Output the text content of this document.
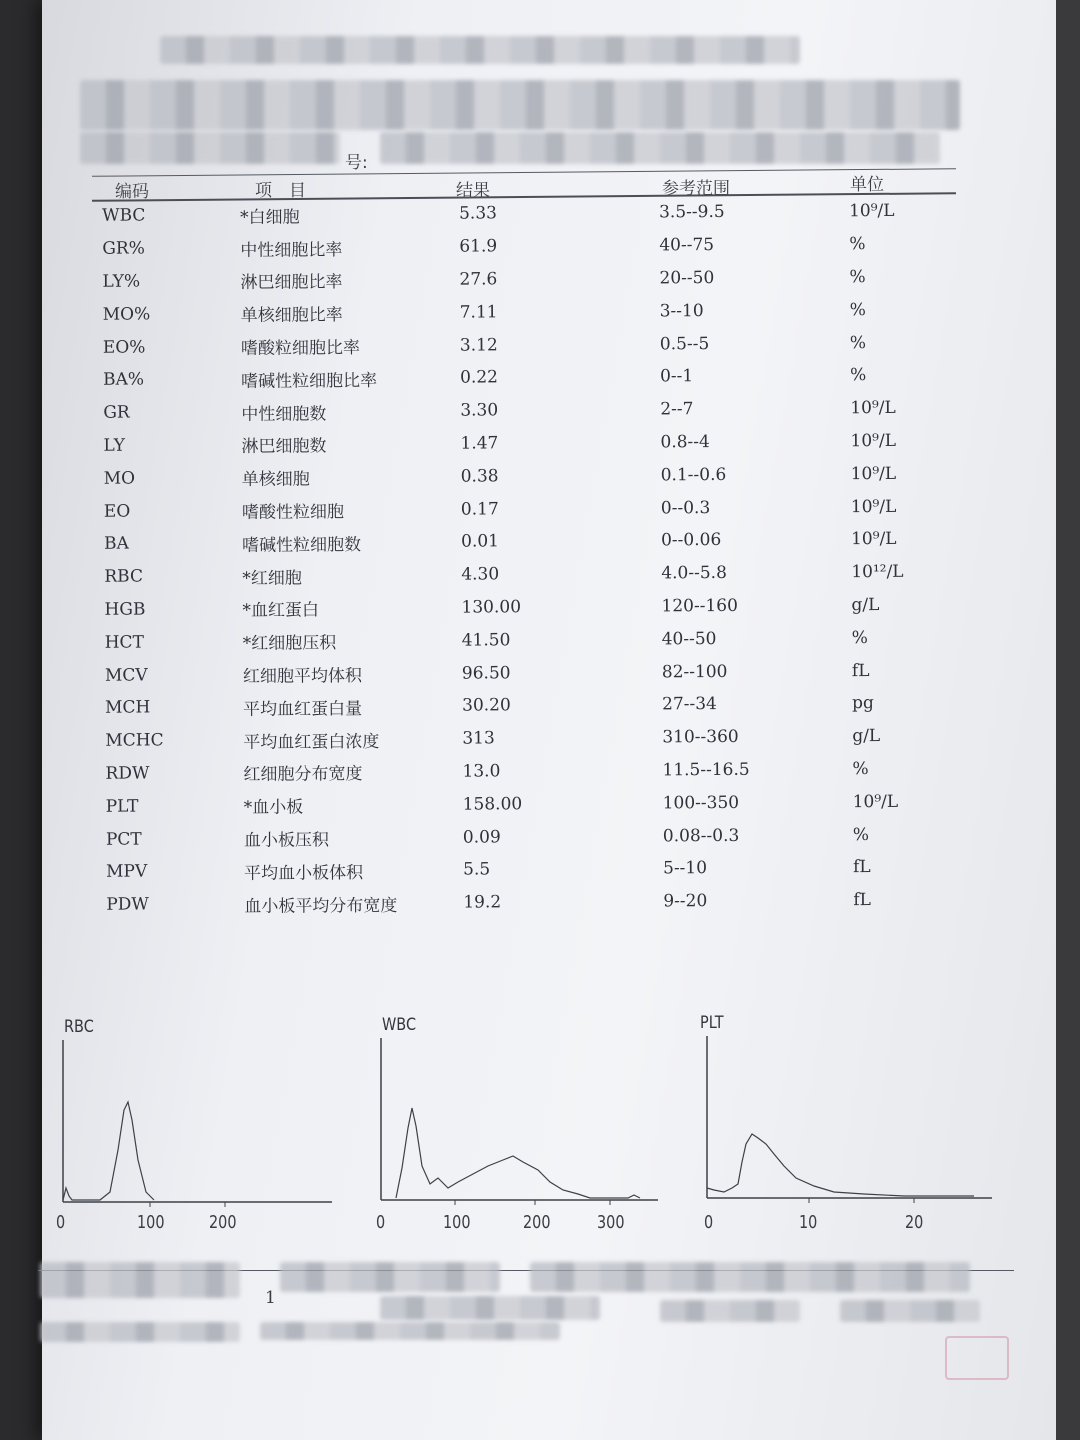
号:
编码	项　目	结果	参考范围	单位
WBC	*白细胞	5.33	3.5--9.5	10⁹/L
GR%	中性细胞比率	61.9	40--75	%
LY%	淋巴细胞比率	27.6	20--50	%
MO%	单核细胞比率	7.11	3--10	%
EO%	嗜酸粒细胞比率	3.12	0.5--5	%
BA%	嗜碱性粒细胞比率	0.22	0--1	%
GR	中性细胞数	3.30	2--7	10⁹/L
LY	淋巴细胞数	1.47	0.8--4	10⁹/L
MO	单核细胞	0.38	0.1--0.6	10⁹/L
EO	嗜酸性粒细胞	0.17	0--0.3	10⁹/L
BA	嗜碱性粒细胞数	0.01	0--0.06	10⁹/L
RBC	*红细胞	4.30	4.0--5.8	10¹²/L
HGB	*血红蛋白	130.00	120--160	g/L
HCT	*红细胞压积	41.50	40--50	%
MCV	红细胞平均体积	96.50	82--100	fL
MCH	平均血红蛋白量	30.20	27--34	pg
MCHC	平均血红蛋白浓度	313	310--360	g/L
RDW	红细胞分布宽度	13.0	11.5--16.5	%
PLT	*血小板	158.00	100--350	10⁹/L
PCT	血小板压积	0.09	0.08--0.3	%
MPV	平均血小板体积	5.5	5--10	fL
PDW	血小板平均分布宽度	19.2	9--20	fL
RBC
0	100 200
WBC
0	100	200	300
PLT
0	10	20
1
